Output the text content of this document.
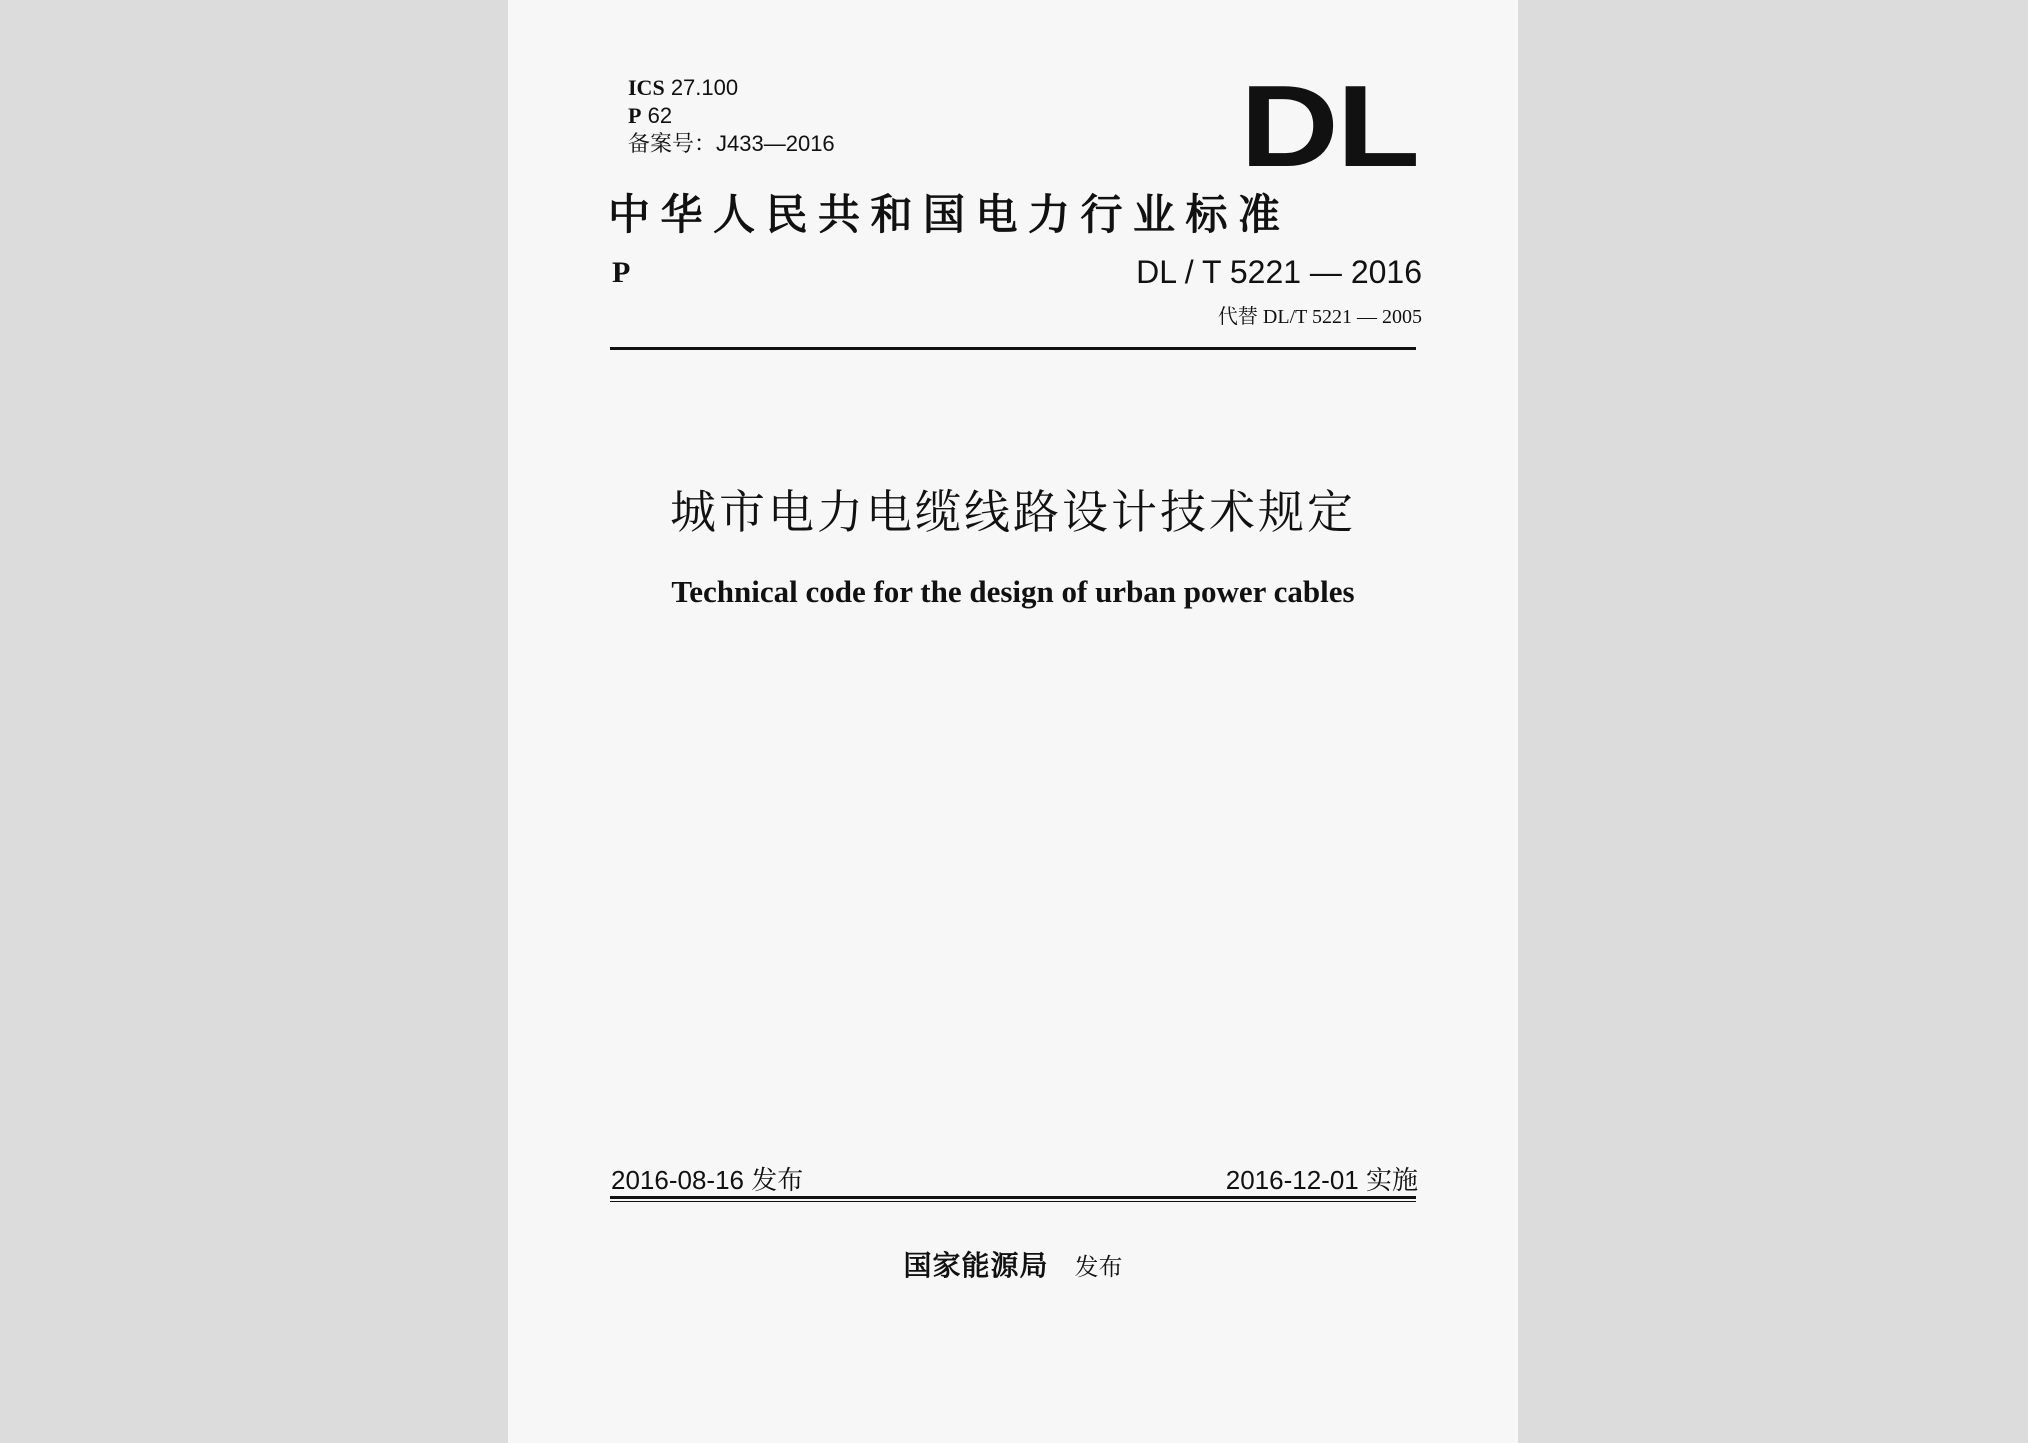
ICS 27.100
P 62
备案号：J433—2016	DL
中华人民共和国电力行业标准
P	DL / T 5221 — 2016
代替 DL/T 5221 — 2005
城市电力电缆线路设计技术规定
Technical code for the design of urban power cables
2016-08-16 发布	2016-12-01 实施
国家能源局 发布
